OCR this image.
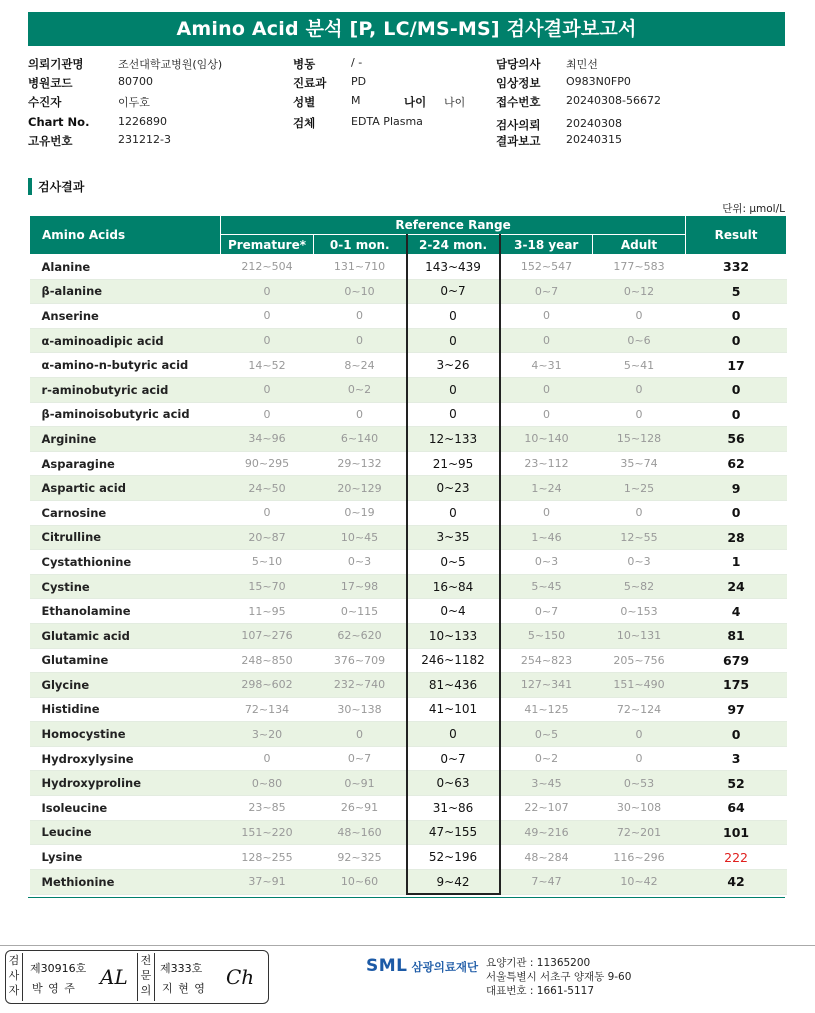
Amino Acid 분석 [P, LC/MS-MS] 검사결과보고서
의뢰기관명	조선대학교병원(임상)
병원코드	80700
수진자	이두호
Chart No.	1226890
고유번호	231212-3
병동	/ -
진료과 PD
성별	M
검체	EDTA Plasma
나이 나이
담당의사 최민선
임상정보 O983N0FP0
접수번호 20240308-56672
검사의뢰 20240308
결과보고 20240315
검사결과
단위: μmol/L
Amino Acids	Reference Range					Result
	Premature*	0-1 mon.	2-24 mon.	3-18 year	Adult	
Alanine	212~504	131~710	143~439	152~547	177~583	332
β-alanine	0	0~10	0~7	0~7	0~12	5
Anserine	0	0	0	0	0	0
α-aminoadipic acid	0	0	0	0	0~6	0
α-amino-n-butyric acid	14~52	8~24	3~26	4~31	5~41	17
r-aminobutyric acid	0	0~2	0	0	0	0
β-aminoisobutyric acid	0	0	0	0	0	0
Arginine	34~96	6~140	12~133	10~140	15~128	56
Asparagine	90~295	29~132	21~95	23~112	35~74	62
Aspartic acid	24~50	20~129	0~23	1~24	1~25	9
Carnosine	0	0~19	0	0	0	0
Citrulline	20~87	10~45	3~35	1~46	12~55	28
Cystathionine	5~10	0~3	0~5	0~3	0~3	1
Cystine	15~70	17~98	16~84	5~45	5~82	24
Ethanolamine	11~95	0~115	0~4	0~7	0~153	4
Glutamic acid	107~276	62~620	10~133	5~150	10~131	81
Glutamine	248~850	376~709	246~1182	254~823	205~756	679
Glycine	298~602	232~740	81~436	127~341	151~490	175
Histidine	72~134	30~138	41~101	41~125	72~124	97
Homocystine	3~20	0	0	0~5	0	0
Hydroxylysine	0	0~7	0~7	0~2	0	3
Hydroxyproline	0~80	0~91	0~63	3~45	0~53	52
Isoleucine	23~85	26~91	31~86	22~107	30~108	64
Leucine	151~220	48~160	47~155	49~216	72~201	101
Lysine	128~255	92~325	52~196	48~284	116~296	222
Methionine	37~91	10~60	9~42	7~47	10~42	42
검
사
자
제30916호
박 영 주 AL
전
문
의
제333호
지 현 영 Ch	SML 삼광의료재단 요양기관 : 11365200
서울특별시 서초구 양재동 9-60
대표번호 : 1661-5117
